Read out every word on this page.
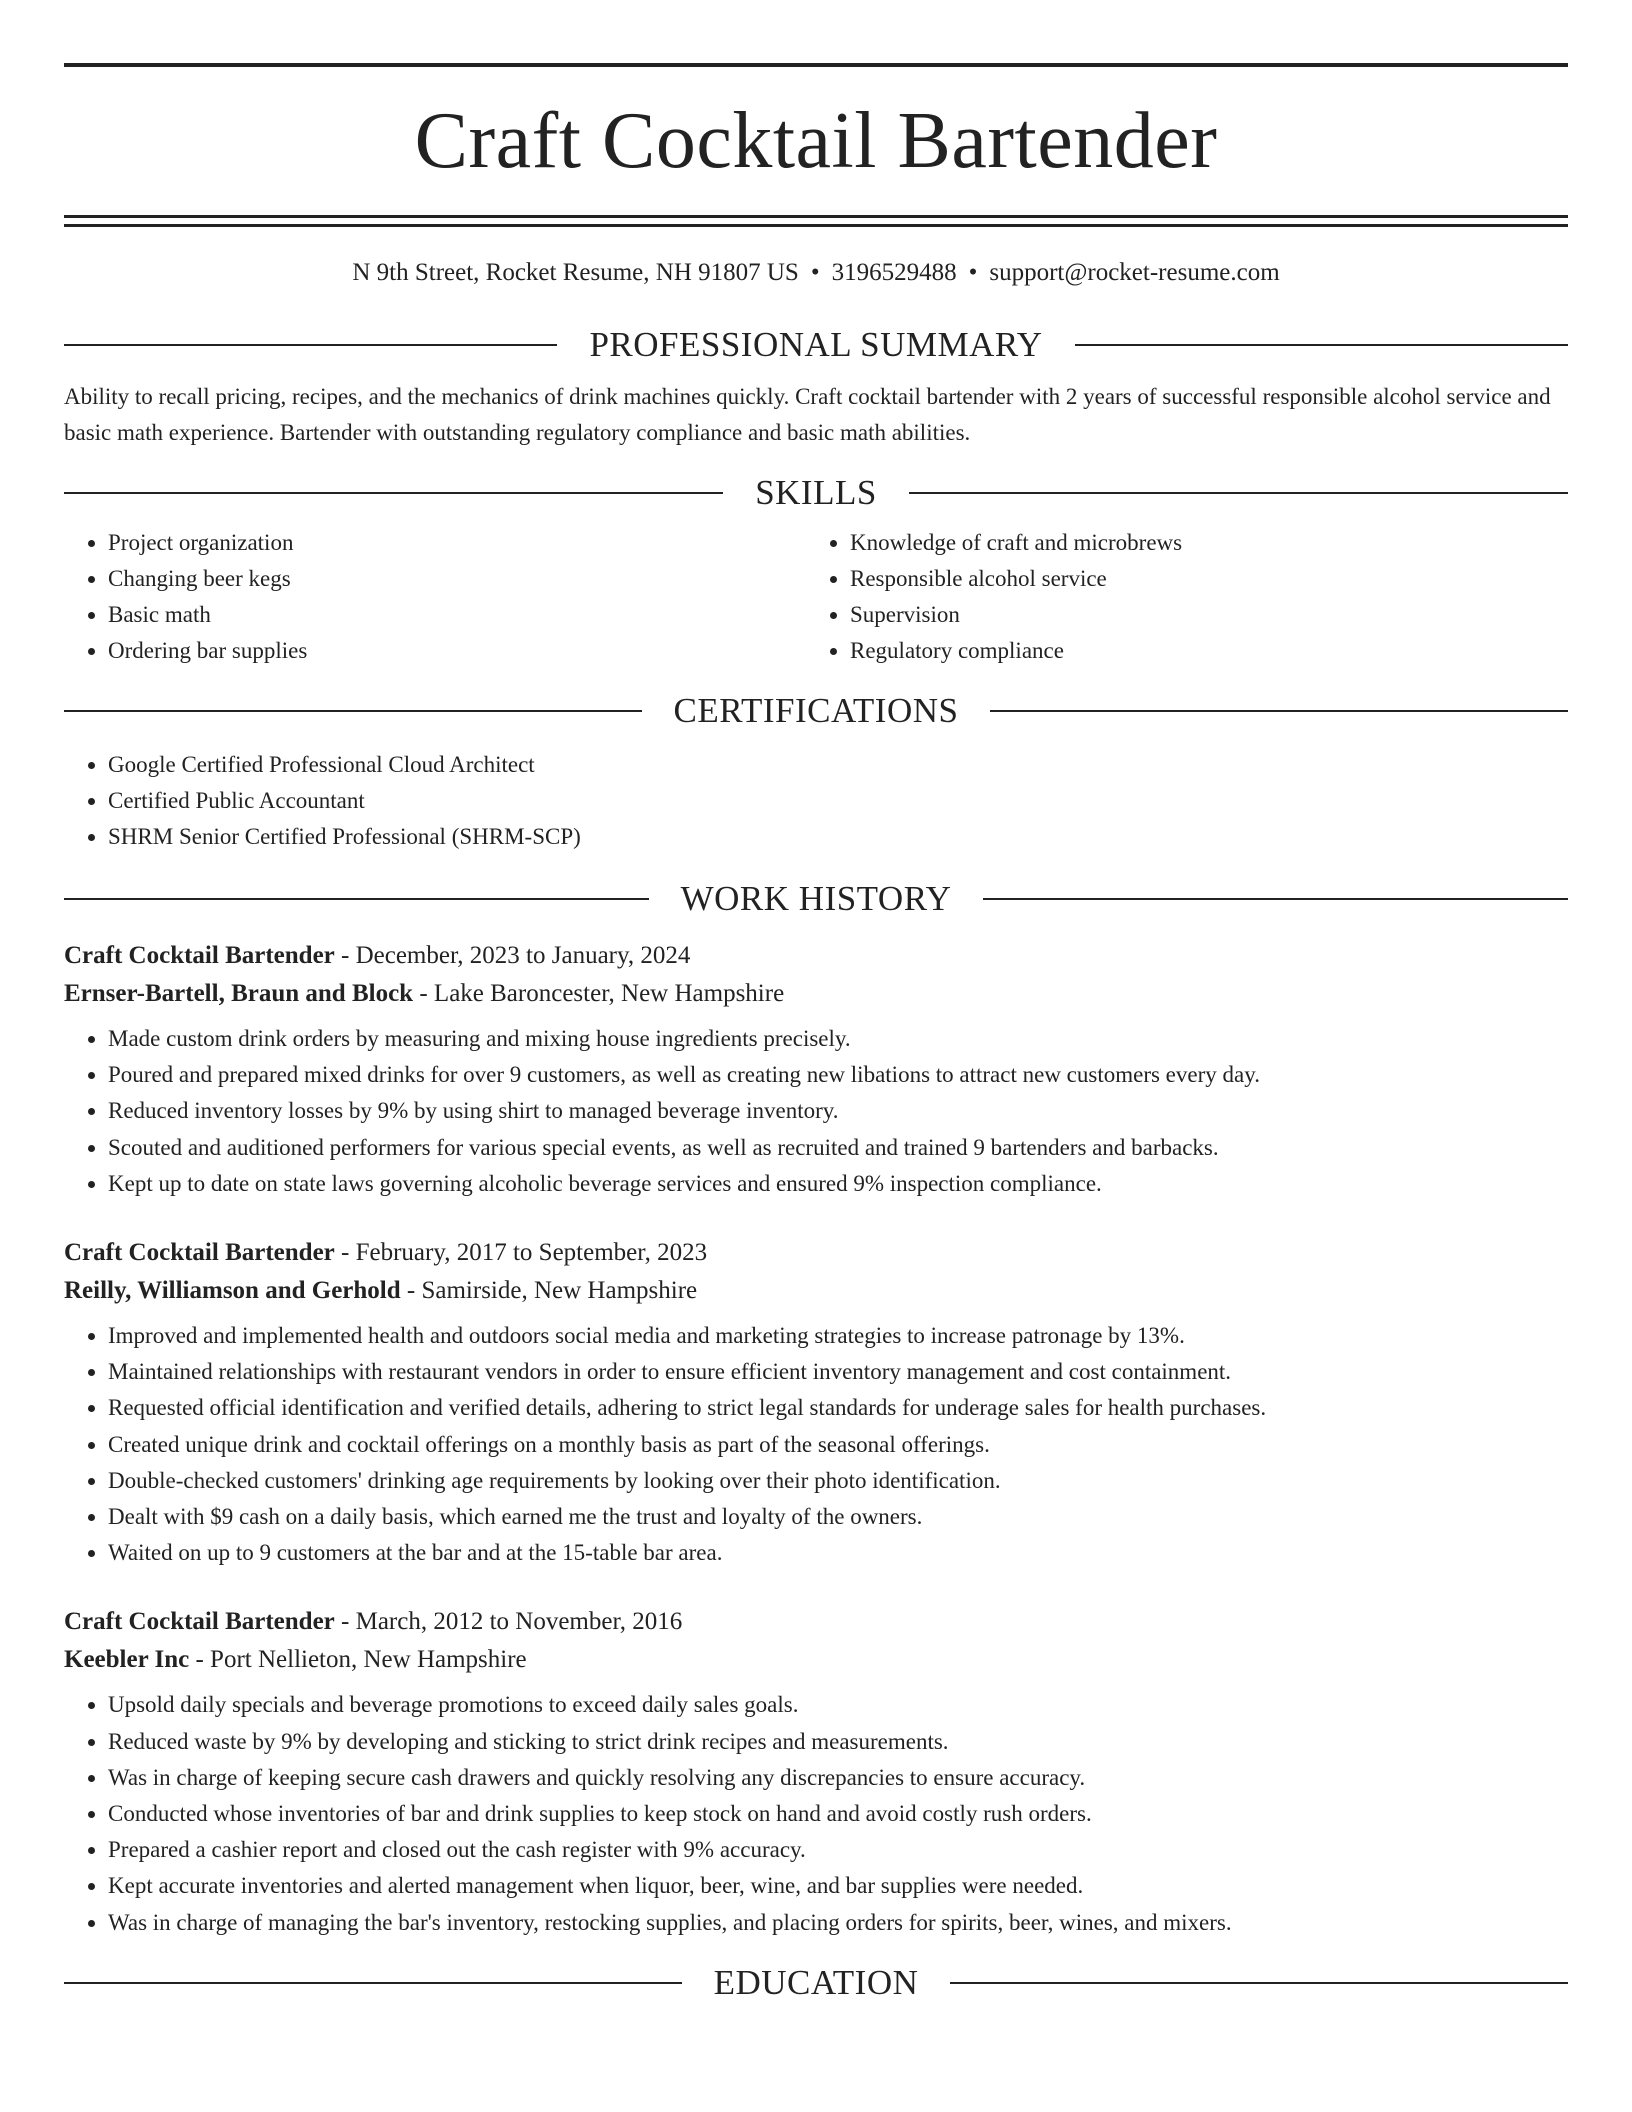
Craft Cocktail Bartender
N 9th Street, Rocket Resume, NH 91807 US • 3196529488 • support@rocket-resume.com
PROFESSIONAL SUMMARY

Ability to recall pricing, recipes, and the mechanics of drink machines quickly. Craft cocktail bartender with 2 years of successful responsible alcohol service and basic math experience. Bartender with outstanding regulatory compliance and basic math abilities.

SKILLS
• Project organization
• Changing beer kegs
• Basic math
• Ordering bar supplies
• Knowledge of craft and microbrews
• Responsible alcohol service
• Supervision
• Regulatory compliance
CERTIFICATIONS
• Google Certified Professional Cloud Architect
• Certified Public Accountant
• SHRM Senior Certified Professional (SHRM-SCP)
WORK HISTORY
Craft Cocktail Bartender - December, 2023 to January, 2024
Ernser-Bartell, Braun and Block - Lake Baroncester, New Hampshire
• Made custom drink orders by measuring and mixing house ingredients precisely.
• Poured and prepared mixed drinks for over 9 customers, as well as creating new libations to attract new customers every day.
• Reduced inventory losses by 9% by using shirt to managed beverage inventory.
• Scouted and auditioned performers for various special events, as well as recruited and trained 9 bartenders and barbacks.
• Kept up to date on state laws governing alcoholic beverage services and ensured 9% inspection compliance.
Craft Cocktail Bartender - February, 2017 to September, 2023
Reilly, Williamson and Gerhold - Samirside, New Hampshire
• Improved and implemented health and outdoors social media and marketing strategies to increase patronage by 13%.
• Maintained relationships with restaurant vendors in order to ensure efficient inventory management and cost containment.
• Requested official identification and verified details, adhering to strict legal standards for underage sales for health purchases.
• Created unique drink and cocktail offerings on a monthly basis as part of the seasonal offerings.
• Double-checked customers' drinking age requirements by looking over their photo identification.
• Dealt with $9 cash on a daily basis, which earned me the trust and loyalty of the owners.
• Waited on up to 9 customers at the bar and at the 15-table bar area.
Craft Cocktail Bartender - March, 2012 to November, 2016
Keebler Inc - Port Nellieton, New Hampshire
• Upsold daily specials and beverage promotions to exceed daily sales goals.
• Reduced waste by 9% by developing and sticking to strict drink recipes and measurements.
• Was in charge of keeping secure cash drawers and quickly resolving any discrepancies to ensure accuracy.
• Conducted whose inventories of bar and drink supplies to keep stock on hand and avoid costly rush orders.
• Prepared a cashier report and closed out the cash register with 9% accuracy.
• Kept accurate inventories and alerted management when liquor, beer, wine, and bar supplies were needed.
• Was in charge of managing the bar's inventory, restocking supplies, and placing orders for spirits, beer, wines, and mixers.
EDUCATION
